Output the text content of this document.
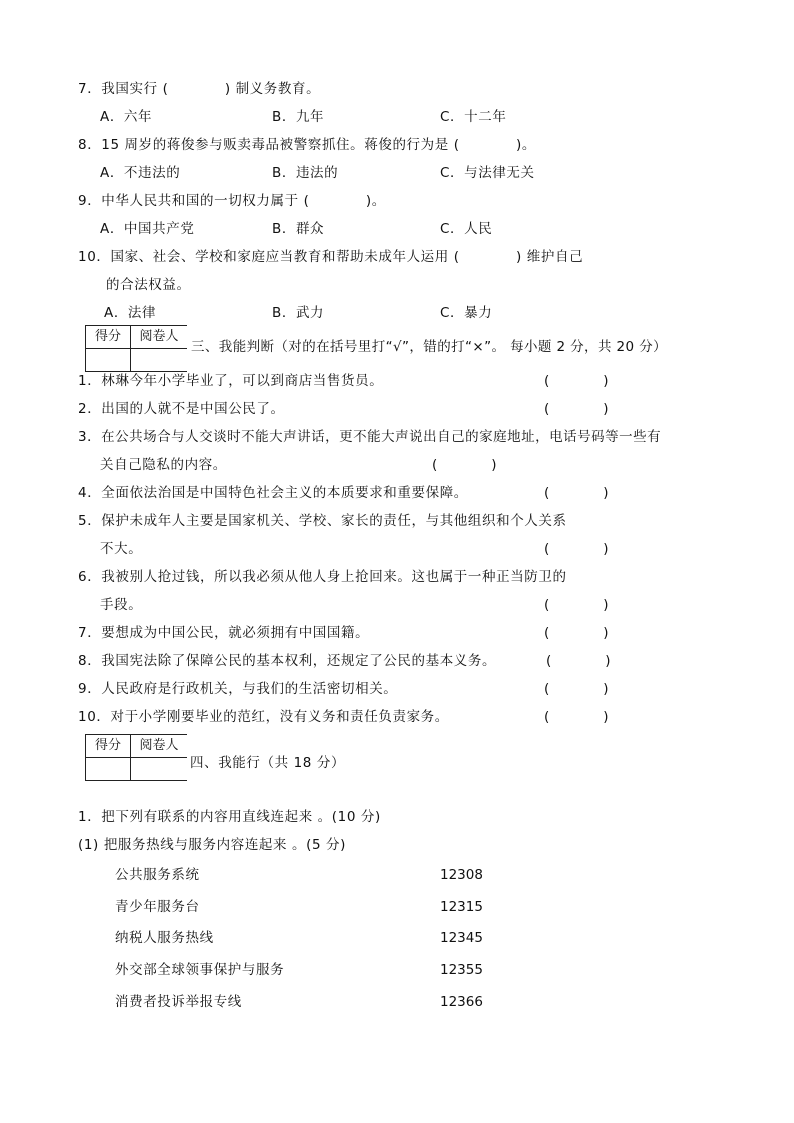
7．我国实行 (　　　　) 制义务教育。
A．六年	B．九年	C．十二年
8．15 周岁的蒋俊参与贩卖毒品被警察抓住。蒋俊的行为是 (　　　　)。
A．不违法的	B．违法的	C．与法律无关
9．中华人民共和国的一切权力属于 (　　　　)。
A．中国共产党	B．群众	C．人民
10．国家、社会、学校和家庭应当教育和帮助未成年人运用 (　　　　) 维护自己
的合法权益。
A．法律	B．武力	C．暴力
得分	阅卷人

三、我能判断（对的在括号里打“√”，错的打“×”。 每小题 2 分，共 20 分）
1．林琳今年小学毕业了，可以到商店当售货员。	(　　　　)
2．出国的人就不是中国公民了。	(　　　　)
3．在公共场合与人交谈时不能大声讲话，更不能大声说出自己的家庭地址，电话号码等一些有
关自己隐私的内容。	(　　　　)
4．全面依法治国是中国特色社会主义的本质要求和重要保障。	(　　　　)
5．保护未成年人主要是国家机关、学校、家长的责任，与其他组织和个人关系
不大。	(　　　　)
6．我被别人抢过钱，所以我必须从他人身上抢回来。这也属于一种正当防卫的
手段。	(　　　　)
7．要想成为中国公民，就必须拥有中国国籍。	(　　　　)
8．我国宪法除了保障公民的基本权利，还规定了公民的基本义务。	(　　　　)
9．人民政府是行政机关，与我们的生活密切相关。	(　　　　)
10．对于小学刚要毕业的范红，没有义务和责任负责家务。	(　　　　)
得分	阅卷人

四、我能行（共 18 分）
1．把下列有联系的内容用直线连起来 。(10 分)
(1) 把服务热线与服务内容连起来 。(5 分)
公共服务系统	12308
青少年服务台	12315
纳税人服务热线	12345
外交部全球领事保护与服务	12355
消费者投诉举报专线	12366
